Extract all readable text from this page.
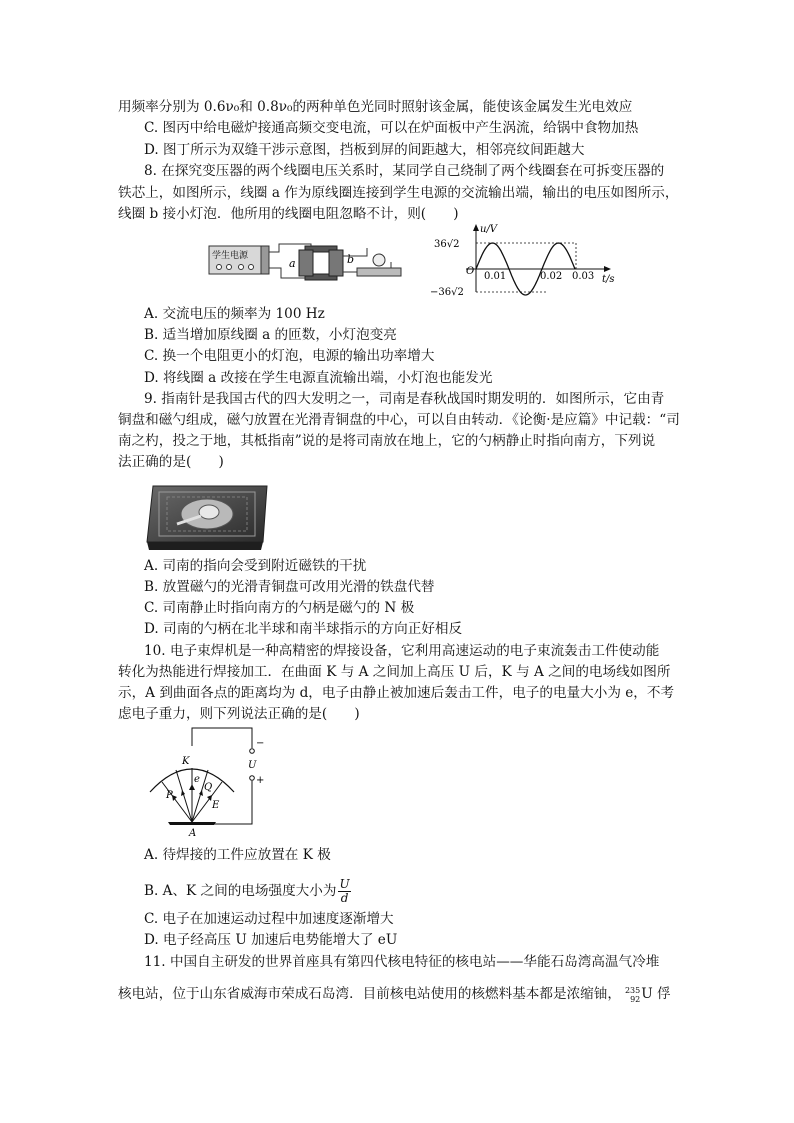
用频率分别为 0.6ν₀和 0.8ν₀的两种单色光同时照射该金属，能使该金属发生光电效应
C. 图丙中给电磁炉接通高频交变电流，可以在炉面板中产生涡流，给锅中食物加热
D. 图丁所示为双缝干涉示意图，挡板到屏的间距越大，相邻亮纹间距越大
8. 在探究变压器的两个线圈电压关系时，某同学自己绕制了两个线圈套在可拆变压器的
铁芯上，如图所示，线圈 a 作为原线圈连接到学生电源的交流输出端，输出的电压如图所示，
线圈 b 接小灯泡．他所用的线圈电阻忽略不计，则(　　)
学生电源
a	b
u/V
t/s
O
36√2
−36√2
0.01	0.02 0.03
A. 交流电压的频率为 100 Hz
B. 适当增加原线圈 a 的匝数，小灯泡变亮
C. 换一个电阻更小的灯泡，电源的输出功率增大
D. 将线圈 a 改接在学生电源直流输出端，小灯泡也能发光
9. 指南针是我国古代的四大发明之一，司南是春秋战国时期发明的．如图所示，它由青
铜盘和磁勺组成，磁勺放置在光滑青铜盘的中心，可以自由转动．《论衡·是应篇》中记载：“司
南之杓，投之于地，其柢指南”说的是将司南放在地上，它的勺柄静止时指向南方，下列说
法正确的是(　　)
A. 司南的指向会受到附近磁铁的干扰
B. 放置磁勺的光滑青铜盘可改用光滑的铁盘代替
C. 司南静止时指向南方的勺柄是磁勺的 N 极
D. 司南的勺柄在北半球和南半球指示的方向正好相反
10. 电子束焊机是一种高精密的焊接设备，它利用高速运动的电子束流轰击工件使动能
转化为热能进行焊接加工．在曲面 K 与 A 之间加上高压 U 后，K 与 A 之间的电场线如图所
示，A 到曲面各点的距离均为 d，电子由静止被加速后轰击工件，电子的电量大小为 e，不考
虑电子重力，则下列说法正确的是(　　)
K
A
U
e
P
Q
E
−
+
A. 待焊接的工件应放置在 K 极
B. A、K 之间的电场强度大小为 $\frac{U}{d}$
C. 电子在加速运动过程中加速度逐渐增大
D. 电子经高压 U 加速后电势能增大了 eU
11. 中国自主研发的世界首座具有第四代核电特征的核电站——华能石岛湾高温气冷堆
核电站，位于山东省威海市荣成石岛湾．目前核电站使用的核燃料基本都是浓缩铀， 235
92 U 俘
